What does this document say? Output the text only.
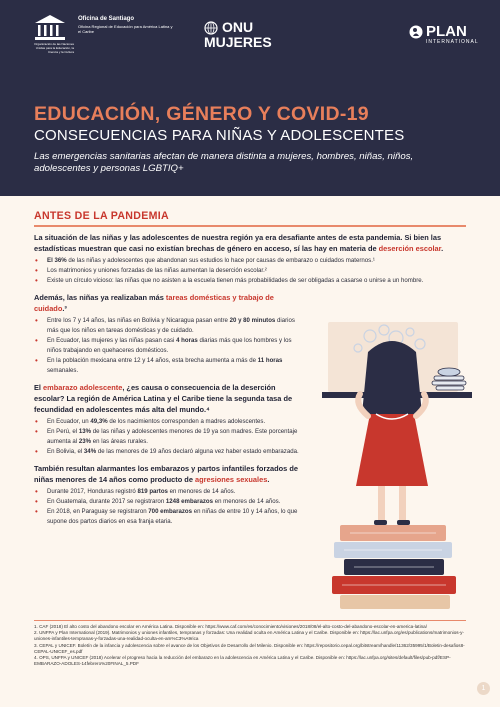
Oficina de Santiago
Oficina Regional de Educación para América Latina y el Caribe
Organización de las Naciones Unidas para la Educación, la Ciencia y la Cultura
ONU
MUJERES
PLAN
INTERNATIONAL
EDUCACIÓN, GÉNERO Y COVID-19
CONSECUENCIAS PARA NIÑAS Y ADOLESCENTES
Las emergencias sanitarias afectan de manera distinta a mujeres, hombres, niñas, niños, adolescentes y personas LGBTIQ+
ANTES DE LA PANDEMIA

La situación de las niñas y las adolescentes de nuestra región ya era desafiante antes de esta pandemia. Si bien las estadísticas muestran que casi no existían brechas de género en acceso, sí las hay en materia de deserción escolar.

• El 36% de las niñas y adolescentes que abandonan sus estudios lo hace por causas de embarazo o cuidados maternos.¹
• Los matrimonios y uniones forzadas de las niñas aumentan la deserción escolar.²
• Existe un círculo vicioso: las niñas que no asisten a la escuela tienen más probabilidades de ser obligadas a casarse o unirse a un hombre.

Además, las niñas ya realizaban más tareas domésticas y trabajo de cuidado.³

• Entre los 7 y 14 años, las niñas en Bolivia y Nicaragua pasan entre 20 y 80 minutos diarios más que los niños en tareas domésticas y de cuidado.
• En Ecuador, las mujeres y las niñas pasan casi 4 horas diarias más que los hombres y los niños trabajando en quehaceres domésticos.
• En la población mexicana entre 12 y 14 años, esta brecha aumenta a más de 11 horas semanales.

El embarazo adolescente, ¿es causa o consecuencia de la deserción escolar? La región de América Latina y el Caribe tiene la segunda tasa de fecundidad en adolescentes más alta del mundo.⁴

• En Ecuador, un 49,3% de los nacimientos corresponden a madres adolescentes.
• En Perú, el 13% de las niñas y adolescentes menores de 19 ya son madres. Este porcentaje aumenta al 23% en las áreas rurales.
• En Bolivia, el 34% de las menores de 19 años declaró alguna vez haber estado embarazada.

También resultan alarmantes los embarazos y partos infantiles forzados de niñas menores de 14 años como producto de agresiones sexuales.

• Durante 2017, Honduras registró 819 partos en menores de 14 años.
• En Guatemala, durante 2017 se registraron 1248 embarazos en menores de 14 años.
• En 2018, en Paraguay se registraron 700 embarazos en niñas de entre 10 y 14 años, lo que supone dos partos diarios en esa franja etaria.

1. CAF (2018) El alto costo del abandono escolar en América Latina. Disponible en: https://www.caf.com/es/conocimiento/visiones/2018/08/el-alto-costo-del-abandono-escolar-en-america-latina/

2. UNFPA y Plan International (2019). Matrimonios y uniones infantiles, tempranas y forzadas: Una realidad oculta en América Latina y el Caribe. Disponible en: https://lac.unfpa.org/es/publications/matrimonios-y-uniones-infantiles-tempranas-y-forzadas-una-realidad-oculta-en-am%C3%A9rica

3. CEPAL y UNICEF. Boletín de la infancia y adolescencia sobre el avance de los Objetivos de Desarrollo del Milenio. Disponible en: https://repositorio.cepal.org/bitstream/handle/11362/35995/1/Boletin-desafios8-CEPAL-UNICEF_es.pdf

4. OPS, UNFPA y UNICEF (2018) Acelerar el progreso hacia la reducción del embarazo en la adolescencia en América Latina y el Caribe. Disponible en: https://lac.unfpa.org/sites/default/files/pub-pdf/ESP-EMBARAZO-ADOLES-14febrero%20FINAL_5.PDF

1
